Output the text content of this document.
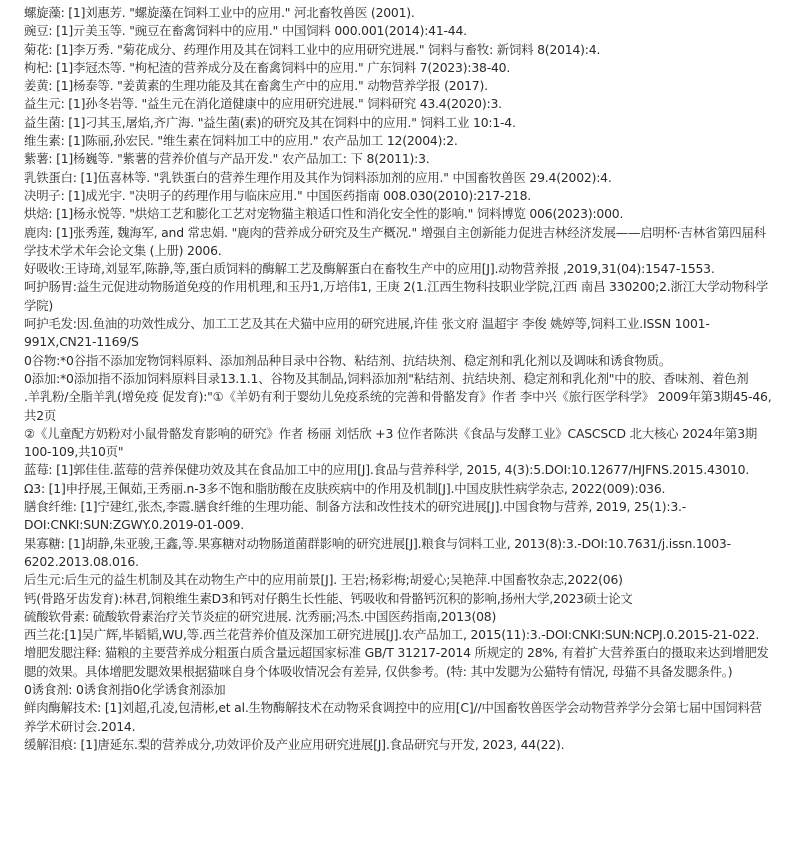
螺旋藻: [1]刘惠芳. "螺旋藻在饲料工业中的应用." 河北畜牧兽医 (2001).
豌豆: [1]亓美玉等. "豌豆在畜禽饲料中的应用." 中国饲料 000.001(2014):41-44.
菊花: [1]李万秀. "菊花成分、药理作用及其在饲料工业中的应用研究进展." 饲料与畜牧: 新饲料 8(2014):4.
枸杞: [1]李冠杰等. "枸杞渣的营养成分及在畜禽饲料中的应用." 广东饲料 7(2023):38-40.
姜黄: [1]杨泰等. "姜黄素的生理功能及其在畜禽生产中的应用." 动物营养学报 (2017).
益生元: [1]孙冬岩等. "益生元在消化道健康中的应用研究进展." 饲料研究 43.4(2020):3.
益生菌: [1]刁其玉,屠焰,齐广海. "益生菌(素)的研究及其在饲料中的应用." 饲料工业 10:1-4.
维生素: [1]陈丽,孙宏民. "维生素在饲料加工中的应用." 农产品加工 12(2004):2.
紫薯: [1]杨巍等. "紫薯的营养价值与产品开发." 农产品加工: 下 8(2011):3.
乳铁蛋白: [1]伍喜林等. "乳铁蛋白的营养生理作用及其作为饲料添加剂的应用." 中国畜牧兽医 29.4(2002):4.
决明子: [1]成光宇. "决明子的药理作用与临床应用." 中国医药指南 008.030(2010):217-218.
烘焙: [1]杨永悦等. "烘焙工艺和膨化工艺对宠物猫主粮适口性和消化安全性的影响." 饲料博览 006(2023):000.
鹿肉: [1]张秀莲, 魏海军, and 常忠娟. "鹿肉的营养成分研究及生产概况." 增强自主创新能力促进吉林经济发展——启明杯·吉林省第四届科学技术学术年会论文集 (上册) 2006.
好吸收:王诗琦,刘显军,陈静,等,蛋白质饲料的酶解工艺及酶解蛋白在畜牧生产中的应用[J].动物营养报 ,2019,31(04):1547-1553.
呵护肠胃:益生元促进动物肠道免疫的作用机理,和玉丹1,万培伟1, 王庚 2(1.江西生物科技职业学院,江西 南昌 330200;2.浙江大学动物科学学院)
呵护毛发:因.鱼油的功效性成分、加工工艺及其在犬猫中应用的研究进展,许佳 张文府 温超宇 李俊 姚婷等,饲料工业.ISSN 1001-991X,CN21-1169/S
0谷物:*0谷指不添加宠物饲料原料、添加剂品种目录中谷物、粘结剂、抗结块剂、稳定剂和乳化剂以及调味和诱食物质。
0添加:*0添加指不添加饲料原料目录13.1.1、谷物及其制品,饲料添加剂"粘结剂、抗结块剂、稳定剂和乳化剂"中的胶、香味剂、着色剂
.羊乳粉/全脂羊乳(增免疫 促发育):"①《羊奶有利于婴幼儿免疫系统的完善和骨骼发育》作者 李中兴《旅行医学科学》 2009年第3期45-46,共2页
②《儿童配方奶粉对小鼠骨骼发育影响的研究》作者 杨丽 刘恬欣 +3 位作者陈洪《食品与发酵工业》CASCSCD 北大核心 2024年第3期100-109,共10页"
蓝莓: [1]郭佳佳.蓝莓的营养保健功效及其在食品加工中的应用[J].食品与营养科学, 2015, 4(3):5.DOI:10.12677/HJFNS.2015.43010.
Ω3: [1]申抒展,王佩茹,王秀丽.n-3多不饱和脂肪酸在皮肤疾病中的作用及机制[J].中国皮肤性病学杂志, 2022(009):036.
膳食纤维: [1]宁建红,张杰,李霞.膳食纤维的生理功能、制备方法和改性技术的研究进展[J].中国食物与营养, 2019, 25(1):3.-DOI:CNKI:SUN:ZGWY.0.2019-01-009.
果寡糖: [1]胡静,朱亚骏,王鑫,等.果寡糖对动物肠道菌群影响的研究进展[J].粮食与饲料工业, 2013(8):3.-DOI:10.7631/j.issn.1003-6202.2013.08.016.
后生元:后生元的益生机制及其在动物生产中的应用前景[J]. 王岩;杨彩梅;胡爱心;吴艳萍.中国畜牧杂志,2022(06)
钙(骨路牙齿发育):林君,饲粮维生素D3和钙对仔鹅生长性能、钙吸收和骨骼钙沉积的影响,扬州大学,2023硕士论文
硫酸软骨素: 硫酸软骨素治疗关节炎症的研究进展. 沈秀丽;冯杰.中国医药指南,2013(08)
西兰花:[1]吴广辉,毕韬韬,WU,等.西兰花营养价值及深加工研究进展[J].农产品加工, 2015(11):3.-DOI:CNKI:SUN:NCPJ.0.2015-21-022.
增肥发腮注释: 猫粮的主要营养成分粗蛋白质含量远超国家标准 GB/T 31217-2014 所规定的 28%, 有着扩大营养蛋白的摄取来达到增肥发腮的效果。具体增肥发腮效果根据猫咪自身个体吸收情况会有差异, 仅供参考。(特: 其中发腮为公猫特有情况, 母猫不具备发腮条件。)
0诱食剂: 0诱食剂指0化学诱食剂添加
鲜肉酶解技术: [1]刘超,孔凌,包清彬,et al.生物酶解技术在动物采食调控中的应用[C]//中国畜牧兽医学会动物营养学分会第七届中国饲料营养学术研讨会.2014.
缓解泪痕: [1]唐延东.梨的营养成分,功效评价及产业应用研究进展[J].食品研究与开发, 2023, 44(22).
